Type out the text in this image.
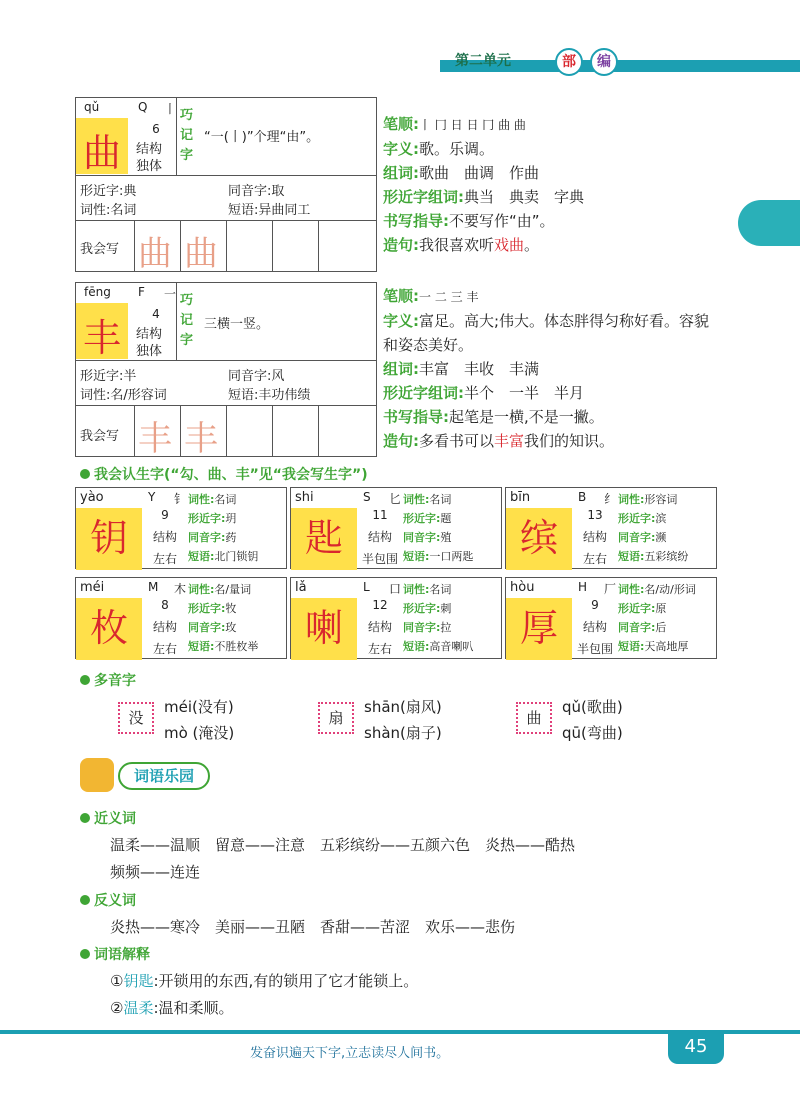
第二单元	部	编
qǔ	Q 丨
曲
6
结构
独体
巧记字
“一(丨)”个理“由”。
形近字:典	同音字:取
词性:名词	短语:异曲同工
我会写 曲 曲
笔顺:丨 冂 日 日 冂 曲 曲
字义:歌。乐调。
组词:歌曲　曲调　作曲
形近字组词:典当　典卖　字典
书写指导:不要写作“由”。
造句:我很喜欢听戏曲。
fēng F 一
丰
4
结构
独体
巧记字
三横一竖。
形近字:半	同音字:风
词性:名/形容词	短语:丰功伟绩
我会写 丰 丰
笔顺:一 二 三 丰
字义:富足。高大;伟大。体态胖得匀称好看。容貌和姿态美好。
组词:丰富　丰收　丰满
形近字组词:半个　一半　半月
书写指导:起笔是一横,不是一撇。
造句:多看书可以丰富我们的知识。
我会认生字(“勾、曲、丰”见“我会写生字”)
yào	Y 钅
钥
9
结构
左右
词性:名词
形近字:玥
同音字:药
短语:北门锁钥
shi	S 匕
匙
11
结构
半包围
词性:名词
形近字:题
同音字:殖
短语:一口两匙
bīn	B 纟
缤
13
结构
左右
词性:形容词
形近字:滨
同音字:濒
短语:五彩缤纷
méi	M 木
枚
8
结构
左右
词性:名/量词
形近字:牧
同音字:玫
短语:不胜枚举
lǎ	L 口
喇
12
结构
左右
词性:名词
形近字:刺
同音字:拉
短语:高音喇叭
hòu	H 厂
厚
9
结构
半包围
词性:名/动/形词
形近字:原
同音字:后
短语:天高地厚
多音字
没
méi(没有)
mò (淹没)
扇
shān(扇风)
shàn(扇子)
曲
qǔ(歌曲)
qū(弯曲)
词语乐园
近义词
温柔——温顺　留意——注意　五彩缤纷——五颜六色　炎热——酷热
频频——连连
反义词
炎热——寒冷　美丽——丑陋　香甜——苦涩　欢乐——悲伤
词语解释
①钥匙:开锁用的东西,有的锁用了它才能锁上。
②温柔:温和柔顺。
发奋识遍天下字,立志读尽人间书。	45
